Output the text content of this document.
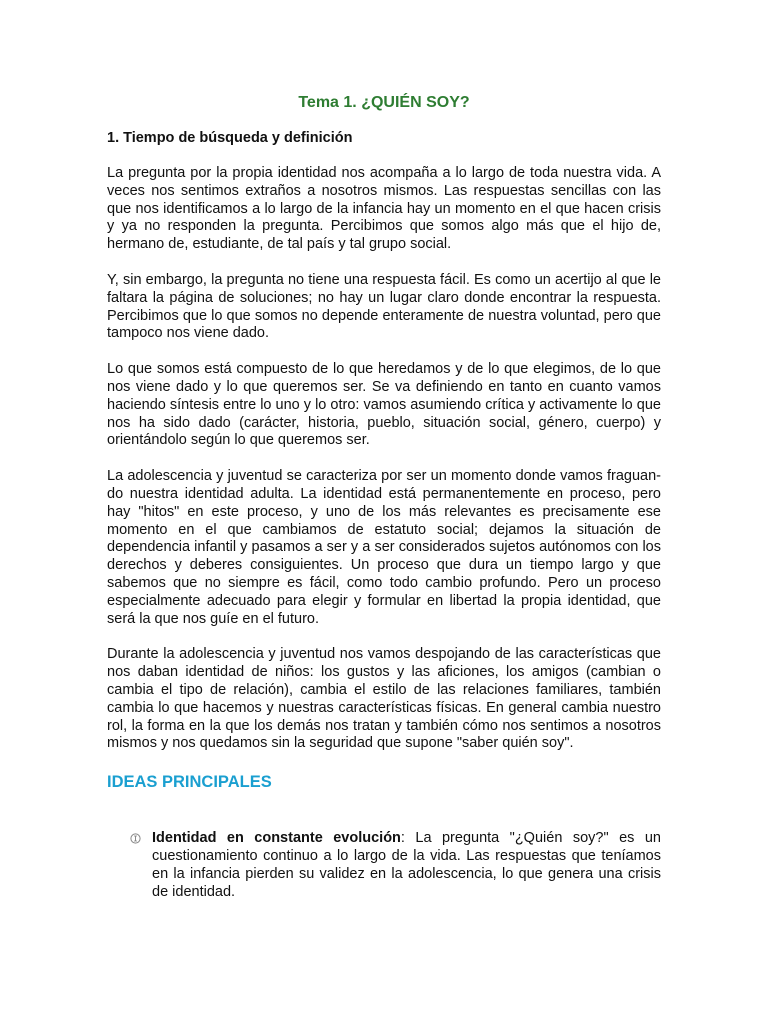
Tema 1. ¿QUIÉN SOY?
1. Tiempo de búsqueda y definición

La pregunta por la propia identidad nos acompaña a lo largo de toda nuestra vida. A veces nos sentimos extraños a nosotros mismos. Las respuestas sencillas con las que nos identificamos a lo largo de la infancia hay un momento en el que hacen crisis y ya no responden la pregunta. Percibimos que somos algo más que el hijo de, hermano de, estudiante, de tal país y tal grupo social.

Y, sin embargo, la pregunta no tiene una respuesta fácil. Es como un acertijo al que le faltara la página de soluciones; no hay un lugar claro donde encontrar la respuesta. Percibimos que lo que somos no depende enteramente de nuestra voluntad, pero que tampoco nos viene dado.

Lo que somos está compuesto de lo que heredamos y de lo que elegimos, de lo que nos viene dado y lo que queremos ser. Se va definiendo en tanto en cuanto vamos haciendo síntesis entre lo uno y lo otro: vamos asumiendo crítica y activamente lo que nos ha sido dado (carácter, historia, pueblo, situación social, género, cuerpo) y orientándolo según lo que queremos ser.

La adolescencia y juventud se caracteriza por ser un momento donde vamos fraguan- do nuestra identidad adulta. La identidad está permanentemente en proceso, pero hay "hitos" en este proceso, y uno de los más relevantes es precisamente ese momento en el que cambiamos de estatuto social; dejamos la situación de dependencia infantil y pasamos a ser y a ser considerados sujetos autónomos con los derechos y deberes consiguientes. Un proceso que dura un tiempo largo y que sabemos que no siempre es fácil, como todo cambio profundo. Pero un proceso especialmente adecuado para elegir y formular en libertad la propia identidad, que será la que nos guíe en el futuro.

Durante la adolescencia y juventud nos vamos despojando de las características que nos daban identidad de niños: los gustos y las aficiones, los amigos (cambian o cambia el tipo de relación), cambia el estilo de las relaciones familiares, también cambia lo que hacemos y nuestras características físicas. En general cambia nuestro rol, la forma en la que los demás nos tratan y también cómo nos sentimos a nosotros mismos y nos quedamos sin la seguridad que supone "saber quién soy".

IDEAS PRINCIPALES
Identidad en constante evolución: La pregunta "¿Quién soy?" es un cuestionamiento continuo a lo largo de la vida. Las respuestas que teníamos en la infancia pierden su validez en la adolescencia, lo que genera una crisis de identidad.
